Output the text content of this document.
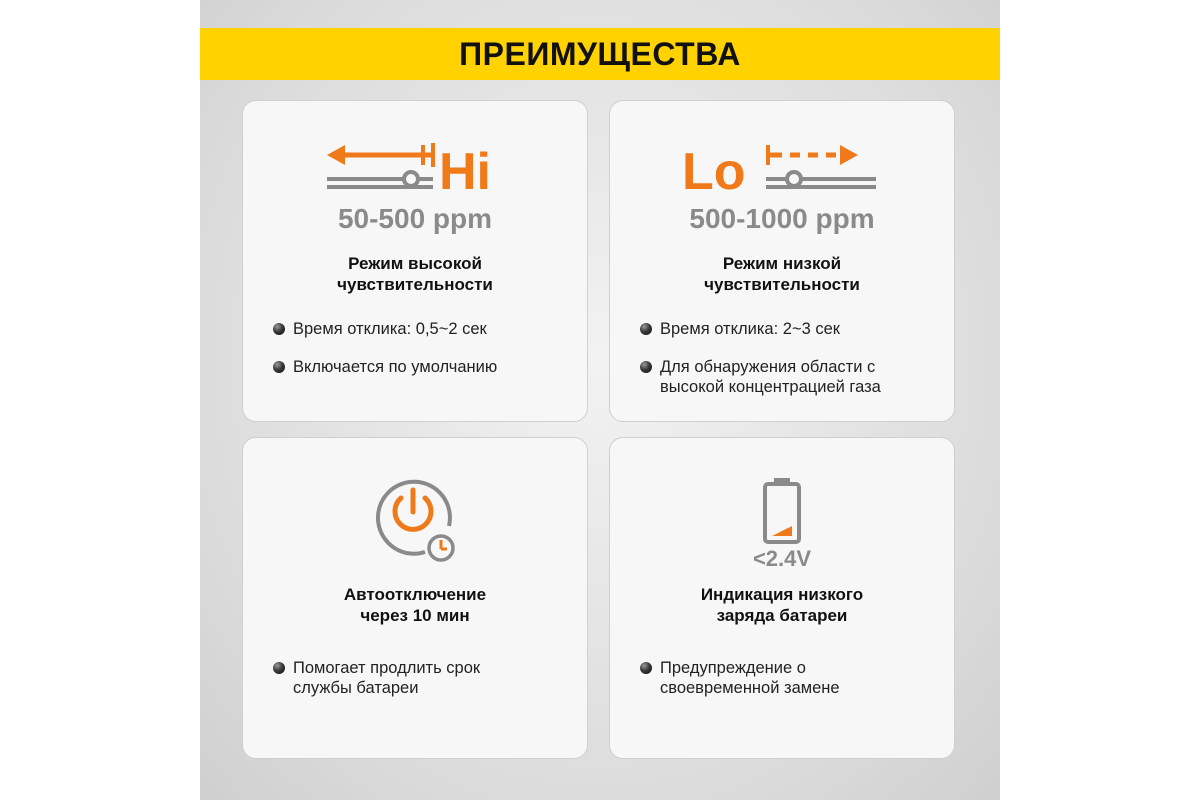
ПРЕИМУЩЕСТВА
Hi
50-500 ppm
Режим высокой
чувствительности
Время отклика: 0,5~2 сек
Включается по умолчанию
Lo
500-1000 ppm
Режим низкой
чувствительности
Время отклика: 2~3 сек
Для обнаружения области с
высокой концентрацией газа
Автоотключение
через 10 мин
Помогает продлить срок
службы батареи
<2.4V
Индикация низкого
заряда батареи
Предупреждение о
своевременной замене
